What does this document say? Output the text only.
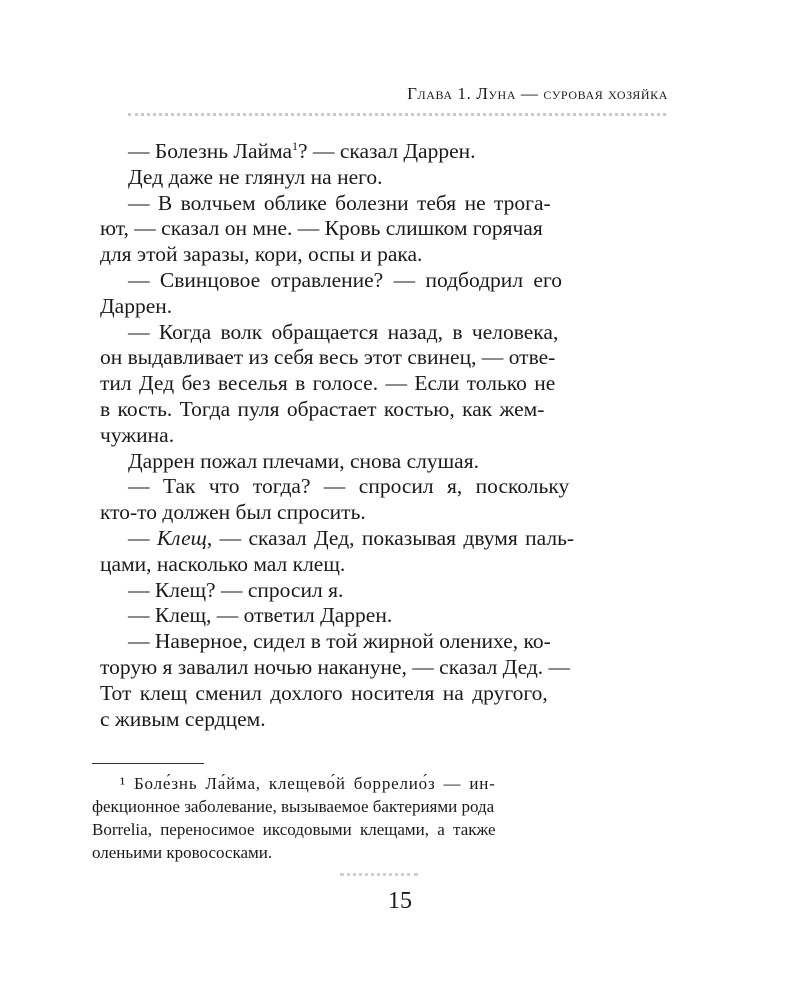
Глава 1. Луна — суровая хозяйка
— Болезнь Лайма$^1$? — сказал Даррен.
Дед даже не глянул на него.
— В волчьем облике болезни тебя не трога-
ют, — сказал он мне. — Кровь слишком горячая
для этой заразы, кори, оспы и рака.
— Свинцовое отравление? — подбодрил его
Даррен.
— Когда волк обращается назад, в человека,
он выдавливает из себя весь этот свинец, — отве-
тил Дед без веселья в голосе. — Если только не
в кость. Тогда пуля обрастает костью, как жем-
чужина.
Даррен пожал плечами, снова слушая.
— Так что тогда? — спросил я, поскольку
кто-то должен был спросить.
— Клещ, — сказал Дед, показывая двумя паль-
цами, насколько мал клещ.
— Клещ? — спросил я.
— Клещ, — ответил Даррен.
— Наверное, сидел в той жирной оленихе, ко-
торую я завалил ночью накануне, — сказал Дед. —
Тот клещ сменил дохлого носителя на другого,
с живым сердцем.
¹ Боле́знь Ла́йма, клещево́й боррелио́з — ин-
фекционное заболевание, вызываемое бактериями рода
Borrelia, переносимое иксодовыми клещами, а также
оленьими кровососками.
15
